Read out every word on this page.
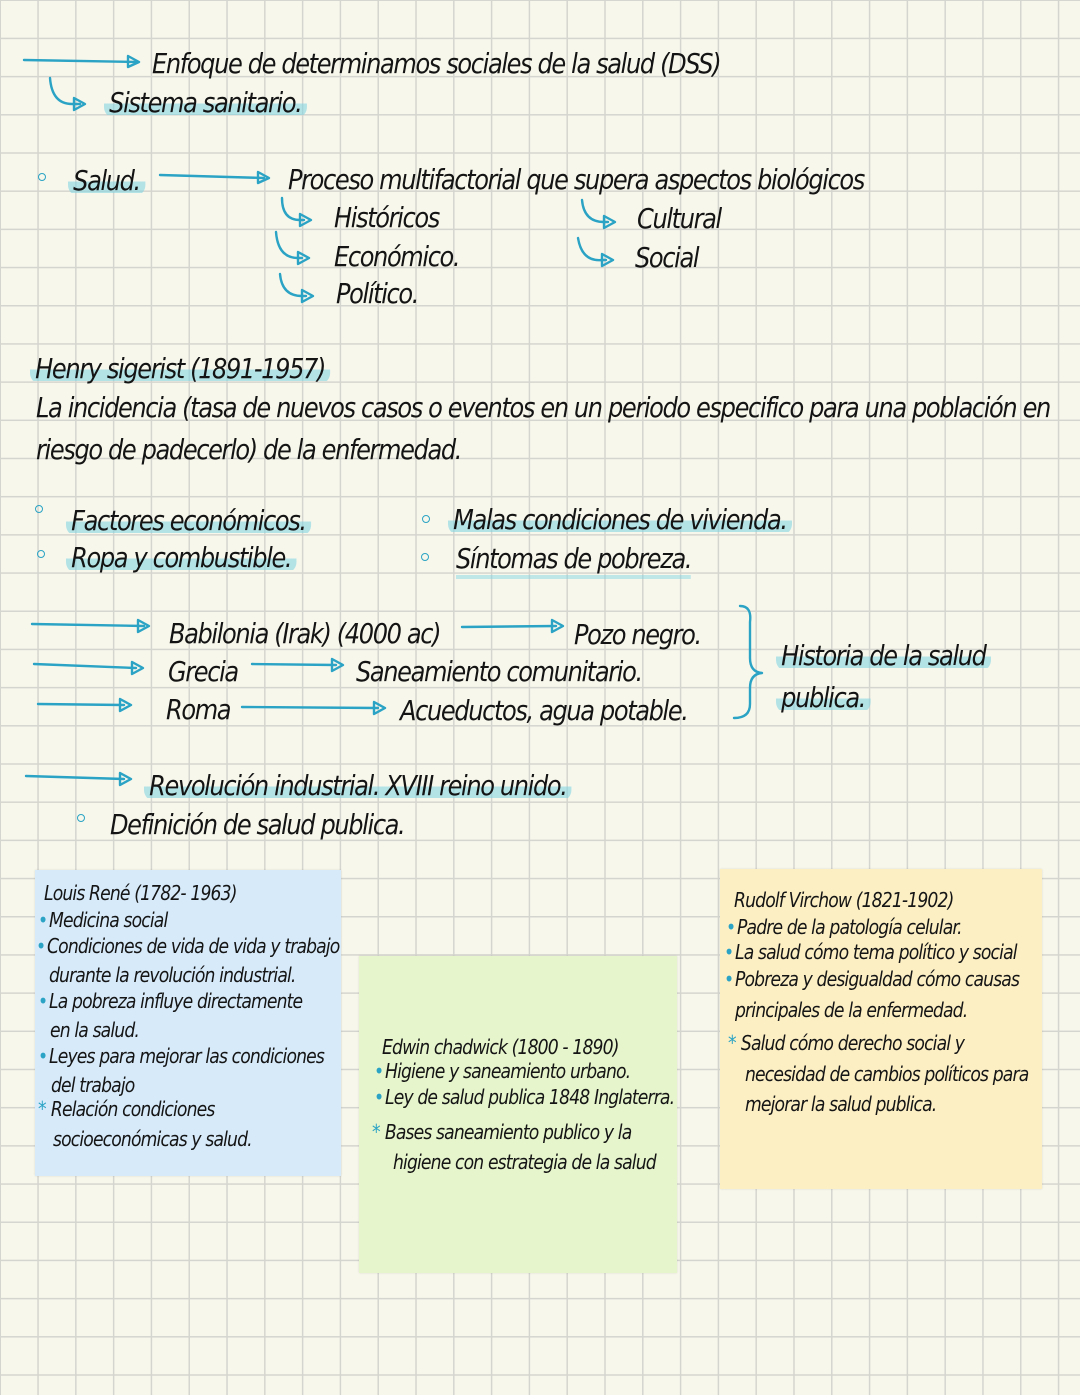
Enfoque de determinamos sociales de la salud (DSS)
Sistema sanitario.
Salud.	Proceso multifactorial que supera aspectos biológicos
Históricos
Económico.
Político.
Cultural
Social
Henry sigerist (1891-1957)
La incidencia (tasa de nuevos casos o eventos en un periodo especifico para una población en
riesgo de padecerlo) de la enfermedad.
Factores económicos.
Ropa y combustible.
Malas condiciones de vivienda.
Síntomas de pobreza.
Babilonia (Irak) (4000 ac)	Pozo negro.
Grecia	Saneamiento comunitario.
Roma	Acueductos, agua potable.
Historia de la salud
publica.
Revolución industrial. XVIII reino unido.
Definición de salud publica.
Louis René (1782- 1963)
•Medicina social
•Condiciones de vida de vida y trabajo
durante la revolución industrial.
•La pobreza influye directamente
en la salud.
•Leyes para mejorar las condiciones
del trabajo
* Relación condiciones
socioeconómicas y salud.
Edwin chadwick (1800 - 1890)
•Higiene y saneamiento urbano.
•Ley de salud publica 1848 Inglaterra.
* Bases saneamiento publico y la
higiene con estrategia de la salud
Rudolf Virchow (1821-1902)
•Padre de la patología celular.
•La salud cómo tema político y social
•Pobreza y desigualdad cómo causas
principales de la enfermedad.
* Salud cómo derecho social y
necesidad de cambios políticos para
mejorar la salud publica.
